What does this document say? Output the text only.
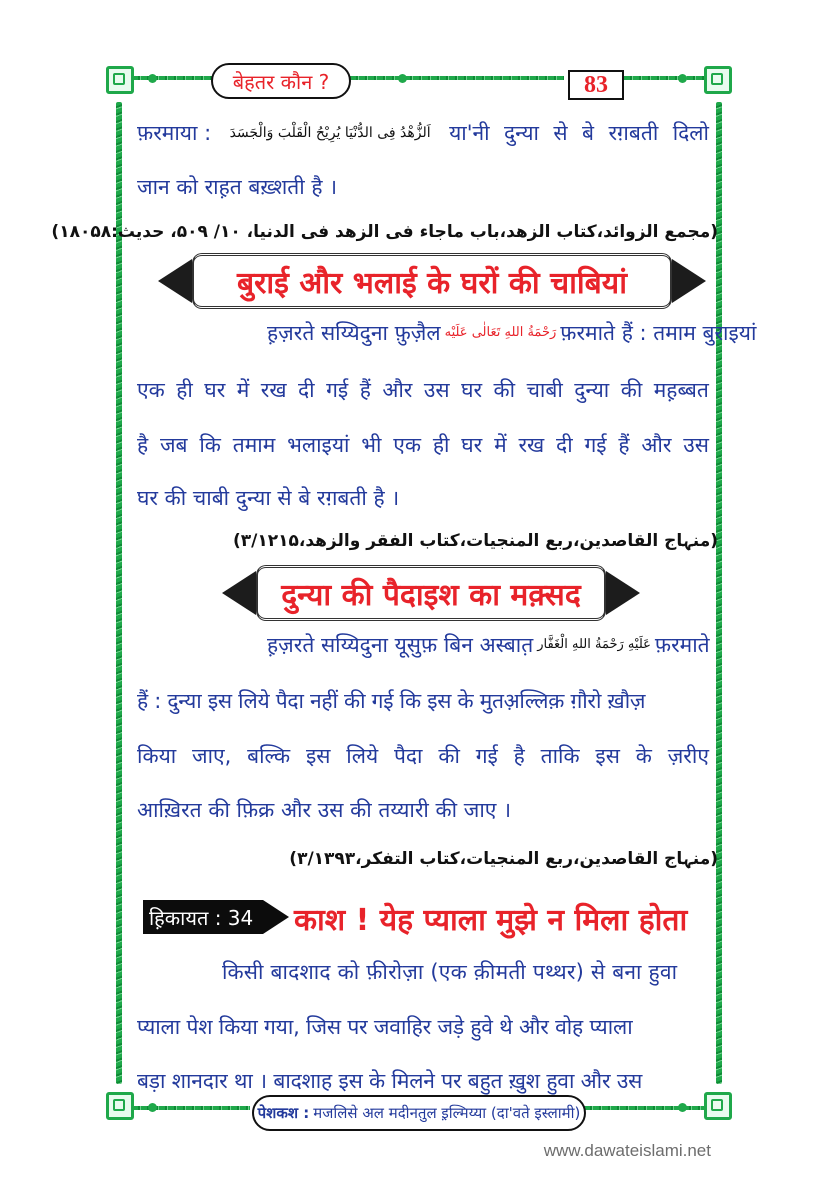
बेहतर कौन ?	83
फ़रमाया : اَلزُّهْدُ فِی الدُّنْیَا یُرِیْحُ الْقَلْبَ وَالْجَسَدَ या'नी दुन्या से बे रग़बती दिलो
जान को राह़त बख़्शती है ।
(مجمع الزوائد،کتاب الزھد،باب ماجاء فی الزھد فی الدنیا، ۱۰/ ۵۰۹، حدیث:۱۸۰۵۸)
बुराई और भलाई के घरों की चाबियां
ह़ज़रते सय्यिदुना फ़ुज़ैल رَحْمَةُ اللهِ تَعَالٰی عَلَیْه फ़रमाते हैं : तमाम बुराइयां
एक ही घर में रख दी गई हैं और उस घर की चाबी दुन्या की मह़ब्बत
है जब कि तमाम भलाइयां भी एक ही घर में रख दी गई हैं और उस
घर की चाबी दुन्या से बे रग़बती है ।
(منہاج القاصدین،ربع المنجیات،کتاب الفقر والزھد،۳/۱۲۱۵)
दुन्या की पैदाइश का मक़्सद
ह़ज़रते सय्यिदुना यूसुफ़ बिन अस्बात़ عَلَیْهِ رَحْمَةُ اللهِ الْغَفَّار फ़रमाते
हैं : दुन्या इस लिये पैदा नहीं की गई कि इस के मुतअ़ल्लिक़ ग़ौरो ख़ौज़
किया जाए, बल्कि इस लिये पैदा की गई है ताकि इस के ज़रीए
आख़िरत की फ़िक्र और उस की तय्यारी की जाए ।
(منہاج القاصدین،ربع المنجیات،کتاب التفکر،۳/۱۳۹۳)
ह़िकायत : 34 काश ! येह प्याला मुझे न मिला होता
किसी बादशाद को फ़ीरोज़ा (एक क़ीमती पथ्थर) से बना हुवा
प्याला पेश किया गया, जिस पर जवाहिर जड़े हुवे थे और वोह प्याला
बड़ा शानदार था । बादशाह इस के मिलने पर बहुत ख़ुश हुवा और उस
पेशकश : मजलिसे अल मदीनतुल इ़ल्मिय्या (दा'वते इस्लामी)
www.dawateislami.net
